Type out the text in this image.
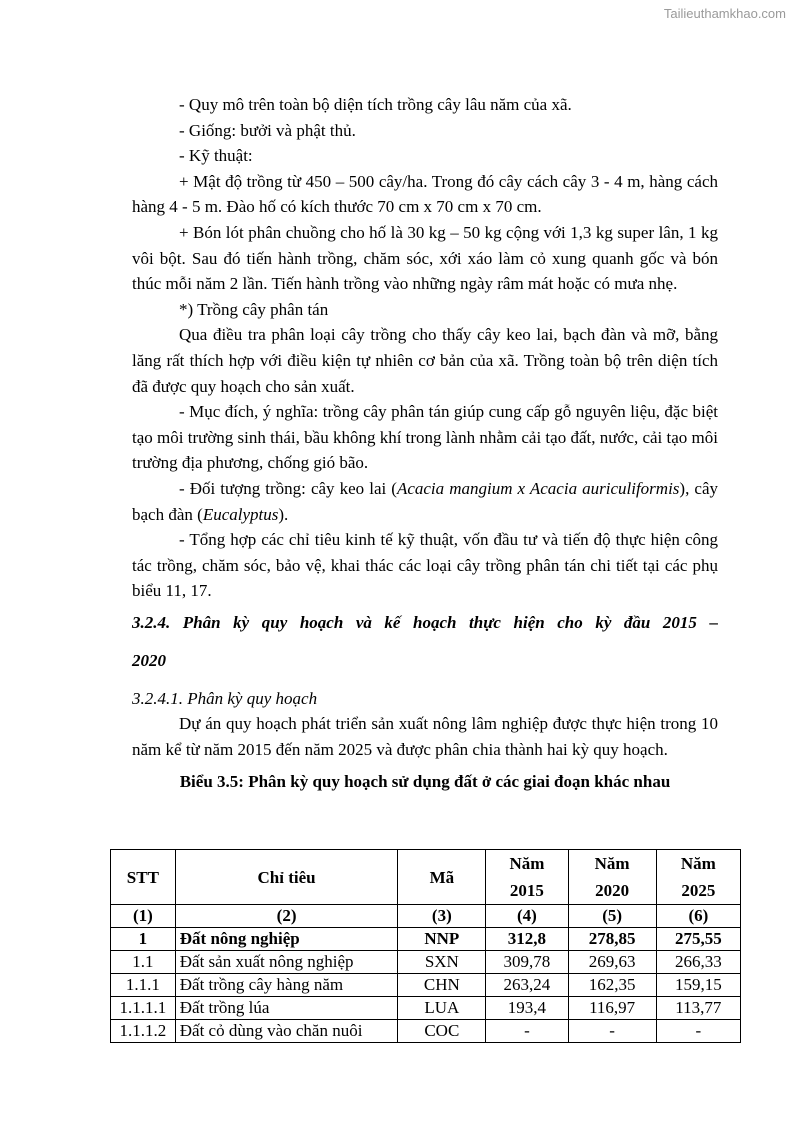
Tailieuthamkhao.com

- Quy mô trên toàn bộ diện tích trồng cây lâu năm của xã.

- Giống: bưởi và phật thủ.

- Kỹ thuật:

+ Mật độ trồng từ 450 – 500 cây/ha. Trong đó cây cách cây 3 - 4 m, hàng cách hàng 4 - 5 m. Đào hố có kích thước 70 cm x 70 cm x 70 cm.

+ Bón lót phân chuồng cho hố là 30 kg – 50 kg cộng với 1,3 kg super lân, 1 kg vôi bột. Sau đó tiến hành trồng, chăm sóc, xới xáo làm cỏ xung quanh gốc và bón thúc mỗi năm 2 lần. Tiến hành trồng vào những ngày râm mát hoặc có mưa nhẹ.

*) Trồng cây phân tán

Qua điều tra phân loại cây trồng cho thấy cây keo lai, bạch đàn và mỡ, bằng lăng rất thích hợp với điều kiện tự nhiên cơ bản của xã. Trồng toàn bộ trên diện tích đã được quy hoạch cho sản xuất.

- Mục đích, ý nghĩa: trồng cây phân tán giúp cung cấp gỗ nguyên liệu, đặc biệt tạo môi trường sinh thái, bầu không khí trong lành nhằm cải tạo đất, nước, cải tạo môi trường địa phương, chống gió bão.

- Đối tượng trồng: cây keo lai (Acacia mangium x Acacia auriculiformis), cây bạch đàn (Eucalyptus).

- Tổng hợp các chỉ tiêu kinh tế kỹ thuật, vốn đầu tư và tiến độ thực hiện công tác trồng, chăm sóc, bảo vệ, khai thác các loại cây trồng phân tán chi tiết tại các phụ biểu 11, 17.

3.2.4. Phân kỳ quy hoạch và kế hoạch thực hiện cho kỳ đầu 2015 –

2020

3.2.4.1. Phân kỳ quy hoạch

Dự án quy hoạch phát triển sản xuất nông lâm nghiệp được thực hiện trong 10 năm kể từ năm 2015 đến năm 2025 và được phân chia thành hai kỳ quy hoạch.

Biểu 3.5: Phân kỳ quy hoạch sử dụng đất ở các giai đoạn khác nhau

STT	Chỉ tiêu	Mã	Năm	Năm	Năm
			2015	2020	2025
(1)	(2)	(3)	(4)	(5)	(6)
1	Đất nông nghiệp	NNP	312,8	278,85	275,55
1.1	Đất sản xuất nông nghiệp	SXN	309,78	269,63	266,33
1.1.1	Đất trồng cây hàng năm	CHN	263,24	162,35	159,15
1.1.1.1	Đất trồng lúa	LUA	193,4	116,97	113,77
1.1.1.2	Đất cỏ dùng vào chăn nuôi	COC	-	-	-
